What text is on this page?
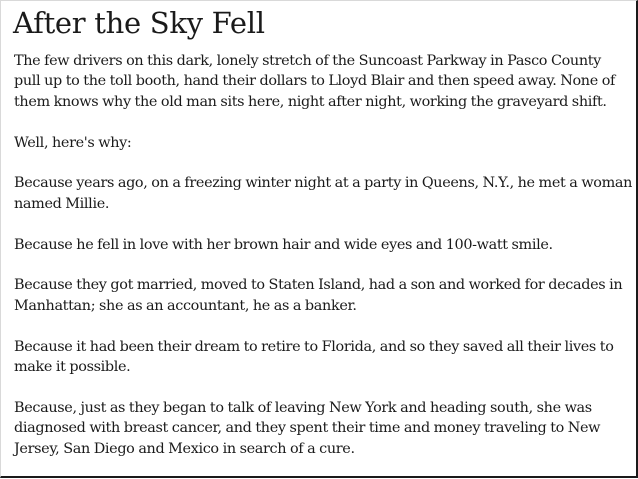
After the Sky Fell

The few drivers on this dark, lonely stretch of the Suncoast Parkway in Pasco County
pull up to the toll booth, hand their dollars to Lloyd Blair and then speed away. None of
them knows why the old man sits here, night after night, working the graveyard shift.

Well, here's why:

Because years ago, on a freezing winter night at a party in Queens, N.Y., he met a woman
named Millie.

Because he fell in love with her brown hair and wide eyes and 100-watt smile.

Because they got married, moved to Staten Island, had a son and worked for decades in
Manhattan; she as an accountant, he as a banker.

Because it had been their dream to retire to Florida, and so they saved all their lives to
make it possible.

Because, just as they began to talk of leaving New York and heading south, she was
diagnosed with breast cancer, and they spent their time and money traveling to New
Jersey, San Diego and Mexico in search of a cure.
